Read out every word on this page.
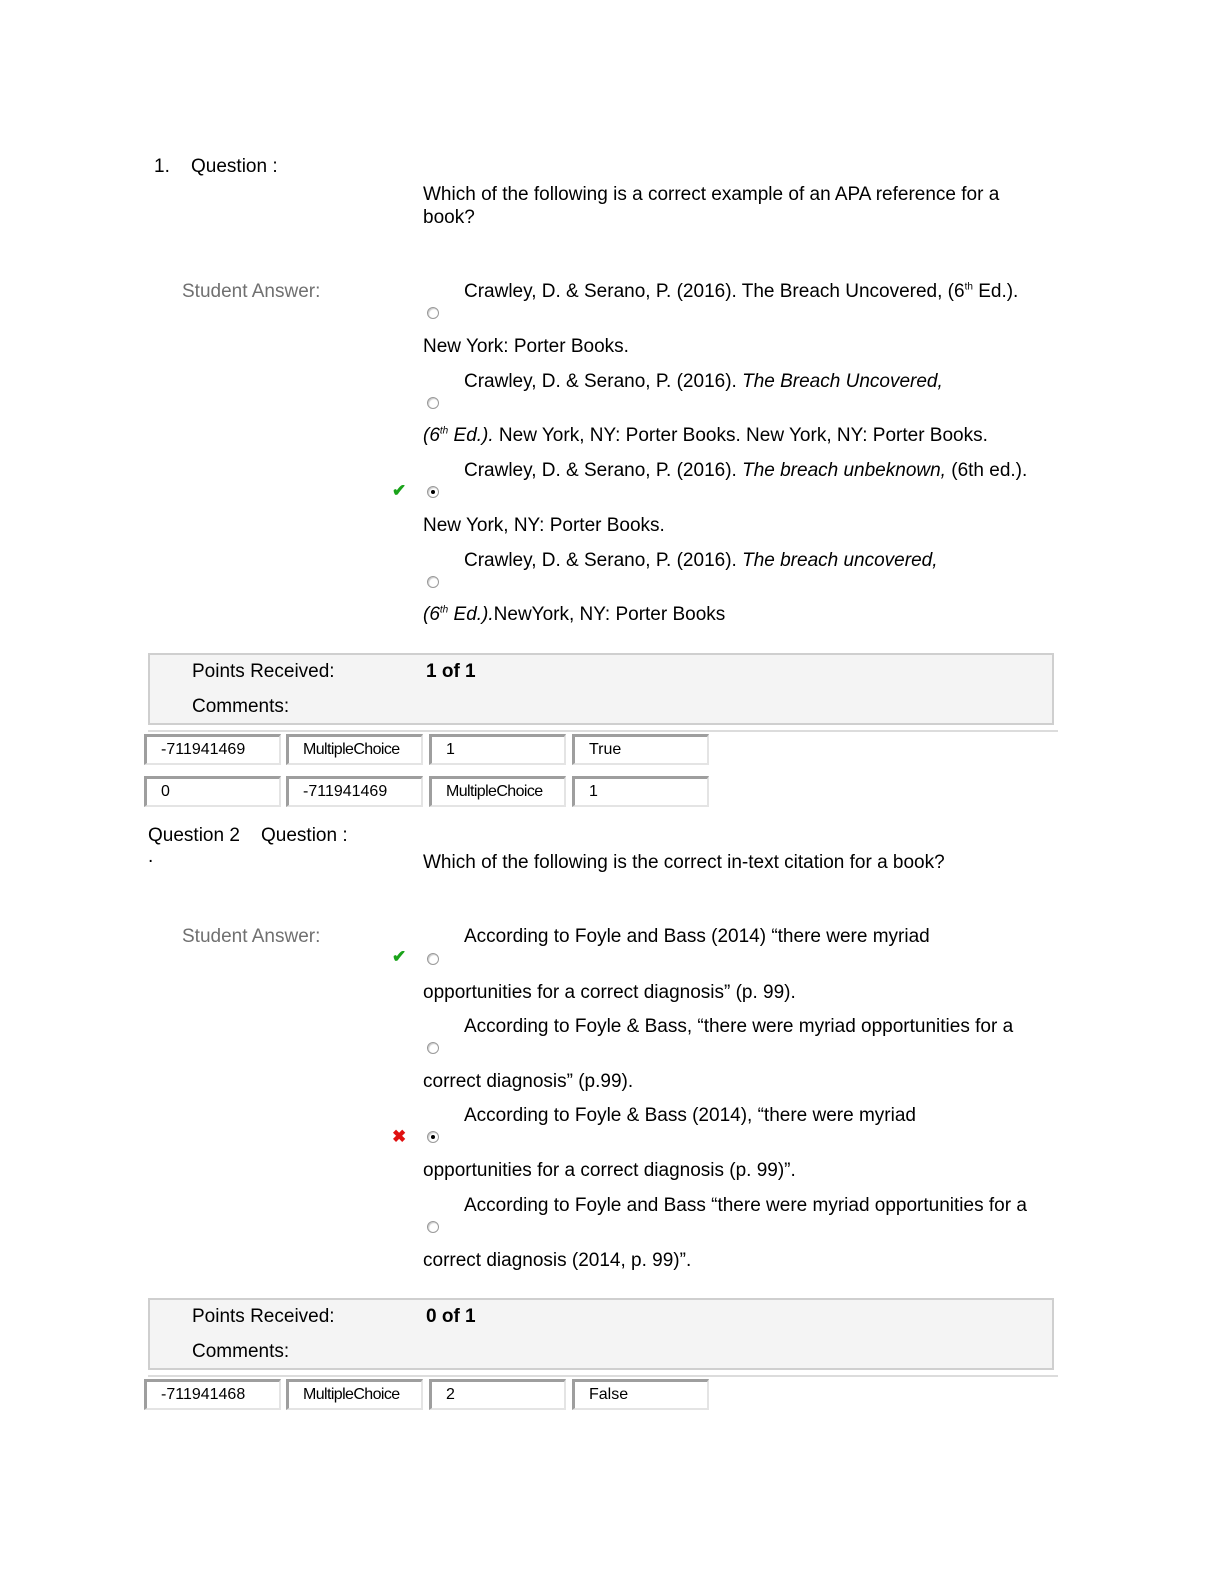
1. Question :
Which of the following is a correct example of an APA reference for a
book?
Student Answer:	Crawley, D. & Serano, P. (2016). The Breach Uncovered, (6th Ed.).
New York: Porter Books.
Crawley, D. & Serano, P. (2016). The Breach Uncovered,
(6th Ed.). New York, NY: Porter Books. New York, NY: Porter Books.
Crawley, D. & Serano, P. (2016). The breach unbeknown, (6th ed.).
✔
New York, NY: Porter Books.
Crawley, D. & Serano, P. (2016). The breach uncovered,
(6th Ed.).NewYork, NY: Porter Books
Points Received:	1 of 1
Comments:
-711941469	MultipleChoice	1	True
0	-711941469	MultipleChoice	1
Question 2 Question :
.	Which of the following is the correct in-text citation for a book?
Student Answer:	According to Foyle and Bass (2014) “there were myriad
✔
opportunities for a correct diagnosis” (p. 99).
According to Foyle & Bass, “there were myriad opportunities for a
correct diagnosis” (p.99).
According to Foyle & Bass (2014), “there were myriad
✖
opportunities for a correct diagnosis (p. 99)”.
According to Foyle and Bass “there were myriad opportunities for a
correct diagnosis (2014, p. 99)”.
Points Received:	0 of 1
Comments:
-711941468	MultipleChoice	2	False
